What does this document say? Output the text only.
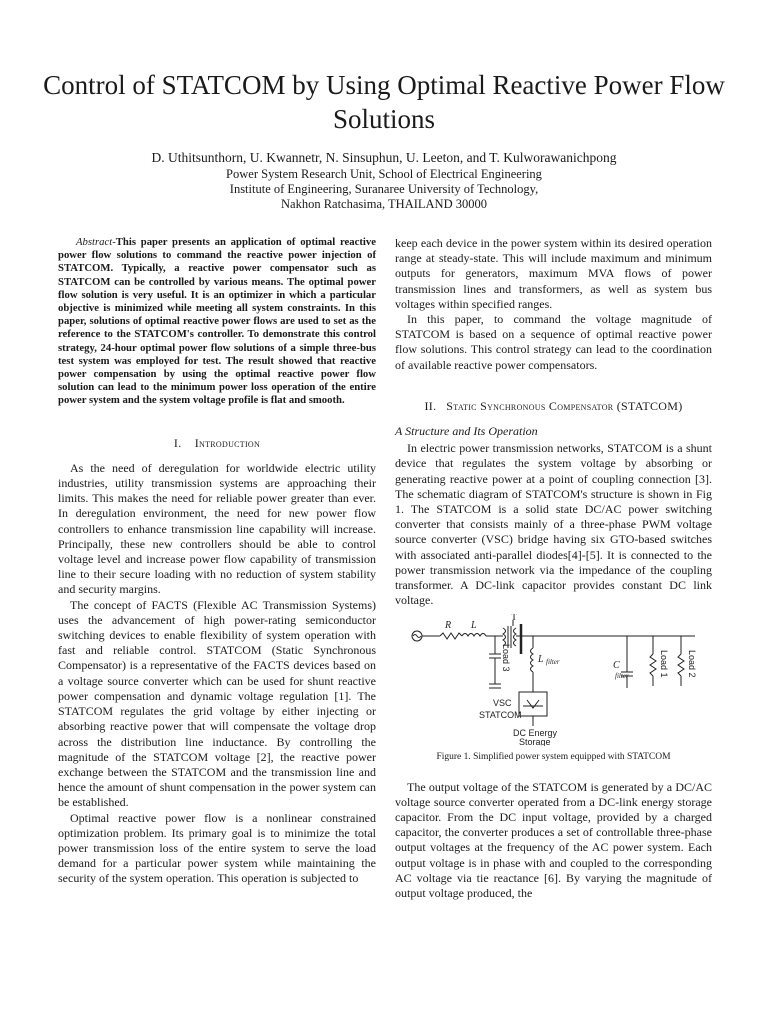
Control of STATCOM by Using Optimal Reactive Power Flow Solutions
D. Uthitsunthorn, U. Kwannetr, N. Sinsuphun, U. Leeton, and T. Kulworawanichpong
Power System Research Unit, School of Electrical Engineering
Institute of Engineering, Suranaree University of Technology,
Nakhon Ratchasima, THAILAND 30000

Abstract-This paper presents an application of optimal reactive power flow solutions to command the reactive power injection of STATCOM. Typically, a reactive power compensator such as STATCOM can be controlled by various means. The optimal power flow solution is very useful. It is an optimizer in which a particular objective is minimized while meeting all system constraints. In this paper, solutions of optimal reactive power flows are used to set as the reference to the STATCOM's controller. To demonstrate this control strategy, 24-hour optimal power flow solutions of a simple three-bus test system was employed for test. The result showed that reactive power compensation by using the optimal reactive power flow solution can lead to the minimum power loss operation of the entire power system and the system voltage profile is flat and smooth.

I. Introduction

As the need of deregulation for worldwide electric utility industries, utility transmission systems are approaching their limits. This makes the need for reliable power greater than ever. In deregulation environment, the need for new power flow controllers to enhance transmission line capability will increase. Principally, these new controllers should be able to control voltage level and increase power flow capability of transmission line to their secure loading with no reduction of system stability and security margins.

The concept of FACTS (Flexible AC Transmission Systems) uses the advancement of high power-rating semiconductor switching devices to enable flexibility of system operation with fast and reliable control. STATCOM (Static Synchronous Compensator) is a representative of the FACTS devices based on a voltage source converter which can be used for shunt reactive power compensation and dynamic voltage regulation [1]. The STATCOM regulates the grid voltage by either injecting or absorbing reactive power that will compensate the voltage drop across the distribution line inductance. By controlling the magnitude of the STATCOM voltage [2], the reactive power exchange between the STATCOM and the transmission line and hence the amount of shunt compensation in the power system can be established.

Optimal reactive power flow is a nonlinear constrained optimization problem. Its primary goal is to minimize the total power transmission loss of the entire system to serve the load demand for a particular power system while maintaining the security of the system operation. This operation is subjected to

keep each device in the power system within its desired operation range at steady-state. This will include maximum and minimum outputs for generators, maximum MVA flows of power transmission lines and transformers, as well as system bus voltages within specified ranges.

In this paper, to command the voltage magnitude of STATCOM is based on a sequence of optimal reactive power flow solutions. This control strategy can lead to the coordination of available reactive power compensators.

II. Static Synchronous Compensator (STATCOM)
A Structure and Its Operation

In electric power transmission networks, STATCOM is a shunt device that regulates the system voltage by absorbing or generating reactive power at a point of coupling connection [3]. The schematic diagram of STATCOM's structure is shown in Fig 1. The STATCOM is a solid state DC/AC power switching converter that consists mainly of a three-phase PWM voltage source converter (VSC) bridge having six GTO-based switches with associated anti-parallel diodes[4]-[5]. It is connected to the power transmission network via the impedance of the coupling transformer. A DC-link capacitor provides constant DC link voltage.

R L
T
L filter	C
filter
Load 3	Load 1 Load 2
VSC
STATCOM
DC Energy
Storage
Figure 1. Simplified power system equipped with STATCOM

The output voltage of the STATCOM is generated by a DC/AC voltage source converter operated from a DC-link energy storage capacitor. From the DC input voltage, provided by a charged capacitor, the converter produces a set of controllable three-phase output voltages at the frequency of the AC power system. Each output voltage is in phase with and coupled to the corresponding AC voltage via tie reactance [6]. By varying the magnitude of output voltage produced, the
